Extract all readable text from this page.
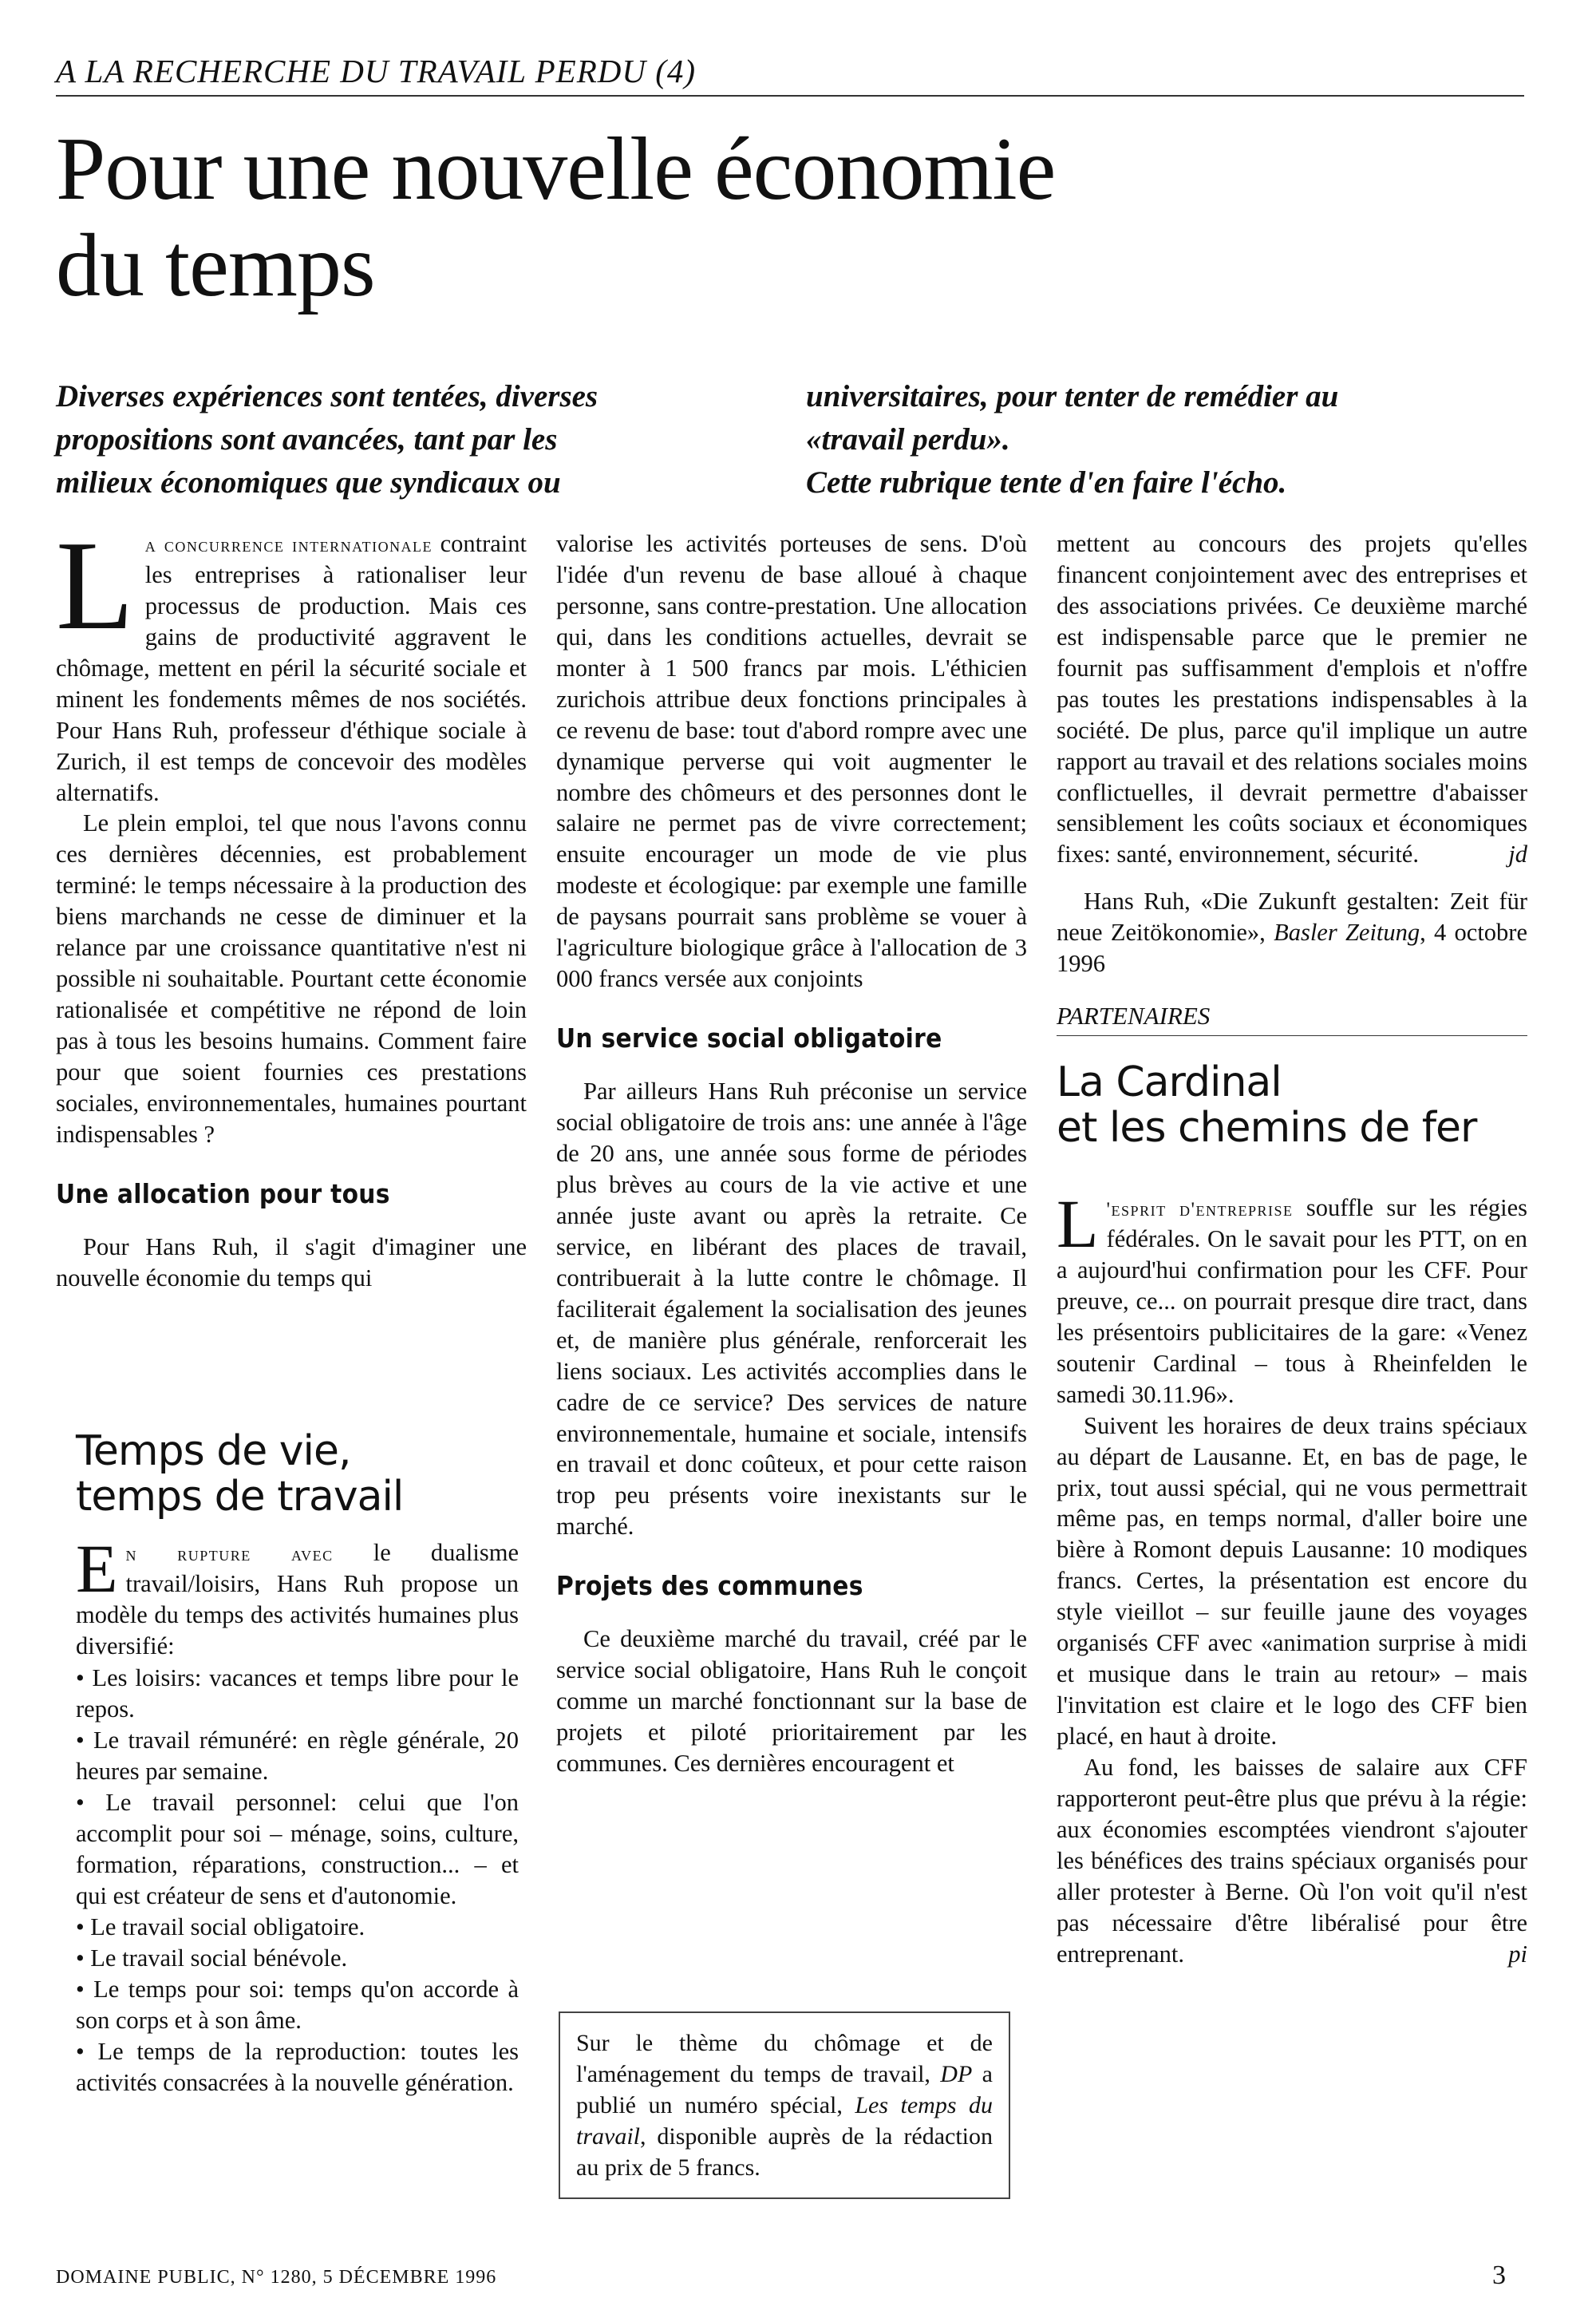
A LA RECHERCHE DU TRAVAIL PERDU (4)
Pour une nouvelle économie
du temps
Diverses expériences sont tentées, diverses
propositions sont avancées, tant par les
milieux économiques que syndicaux ou
universitaires, pour tenter de remédier au
«travail perdu».
Cette rubrique tente d'en faire l'écho.

La concurrence internationale contraint les entreprises à rationaliser leur processus de production. Mais ces gains de productivité aggravent le chômage, mettent en péril la sécurité sociale et minent les fondements mêmes de nos sociétés. Pour Hans Ruh, professeur d'éthique sociale à Zurich, il est temps de concevoir des modèles alternatifs.

Le plein emploi, tel que nous l'avons connu ces dernières décennies, est probablement terminé: le temps nécessaire à la production des biens marchands ne cesse de diminuer et la relance par une croissance quantitative n'est ni possible ni souhaitable. Pourtant cette économie rationalisée et compétitive ne répond de loin pas à tous les besoins humains. Comment faire pour que soient fournies ces prestations sociales, environnementales, humaines pourtant indispensables ?

Une allocation pour tous

Pour Hans Ruh, il s'agit d'imaginer une nouvelle économie du temps qui

Temps de vie,
temps de travail
En rupture avec le dualisme travail/loisirs, Hans Ruh propose un modèle du temps des activités humaines plus diversifié:
• Les loisirs: vacances et temps libre pour le repos.
• Le travail rémunéré: en règle générale, 20 heures par semaine.
• Le travail personnel: celui que l'on accomplit pour soi – ménage, soins, culture, formation, réparations, construction... – et qui est créateur de sens et d'autonomie.
• Le travail social obligatoire.
• Le travail social bénévole.
• Le temps pour soi: temps qu'on accorde à son corps et à son âme.
• Le temps de la reproduction: toutes les activités consacrées à la nouvelle génération.

valorise les activités porteuses de sens. D'où l'idée d'un revenu de base alloué à chaque personne, sans contre-prestation. Une allocation qui, dans les conditions actuelles, devrait se monter à 1 500 francs par mois. L'éthicien zurichois attribue deux fonctions principales à ce revenu de base: tout d'abord rompre avec une dynamique perverse qui voit augmenter le nombre des chômeurs et des personnes dont le salaire ne permet pas de vivre correctement; ensuite encourager un mode de vie plus modeste et écologique: par exemple une famille de paysans pourrait sans problème se vouer à l'agriculture biologique grâce à l'allocation de 3 000 francs versée aux conjoints

Un service social obligatoire

Par ailleurs Hans Ruh préconise un service social obligatoire de trois ans: une année à l'âge de 20 ans, une année sous forme de périodes plus brèves au cours de la vie active et une année juste avant ou après la retraite. Ce service, en libérant des places de travail, contribuerait à la lutte contre le chômage. Il faciliterait également la socialisation des jeunes et, de manière plus générale, renforcerait les liens sociaux. Les activités accomplies dans le cadre de ce service? Des services de nature environnementale, humaine et sociale, intensifs en travail et donc coûteux, et pour cette raison trop peu présents voire inexistants sur le marché.

Projets des communes

Ce deuxième marché du travail, créé par le service social obligatoire, Hans Ruh le conçoit comme un marché fonctionnant sur la base de projets et piloté prioritairement par les communes. Ces dernières encouragent et

Sur le thème du chômage et de l'aménagement du temps de travail, DP a publié un numéro spécial, Les temps du travail, disponible auprès de la rédaction au prix de 5 francs.

mettent au concours des projets qu'elles financent conjointement avec des entreprises et des associations privées. Ce deuxième marché est indispensable parce que le premier ne fournit pas suffisamment d'emplois et n'offre pas toutes les prestations indispensables à la société. De plus, parce qu'il implique un autre rapport au travail et des relations sociales moins conflictuelles, il devrait permettre d'abaisser sensiblement les coûts sociaux et économiques fixes: santé, environnement, sécurité.	jd

Hans Ruh, «Die Zukunft gestalten: Zeit für neue Zeitökonomie», Basler Zeitung, 4 octobre 1996

PARTENAIRES
La Cardinal
et les chemins de fer

L 'esprit d'entreprise souffle sur les régies fédérales. On le savait pour les PTT, on en a aujourd'hui confirmation pour les CFF. Pour preuve, ce... on pourrait presque dire tract, dans les présentoirs publicitaires de la gare: «Venez soutenir Cardinal – tous à Rheinfelden le samedi 30.11.96».

Suivent les horaires de deux trains spéciaux au départ de Lausanne. Et, en bas de page, le prix, tout aussi spécial, qui ne vous permettrait même pas, en temps normal, d'aller boire une bière à Romont depuis Lausanne: 10 modiques francs. Certes, la présentation est encore du style vieillot – sur feuille jaune des voyages organisés CFF avec «animation surprise à midi et musique dans le train au retour» – mais l'invitation est claire et le logo des CFF bien placé, en haut à droite.

Au fond, les baisses de salaire aux CFF rapporteront peut-être plus que prévu à la régie: aux économies escomptées viendront s'ajouter les bénéfices des trains spéciaux organisés pour aller protester à Berne. Où l'on voit qu'il n'est pas nécessaire d'être libéralisé pour être entreprenant.	pi

DOMAINE PUBLIC, N° 1280, 5 DÉCEMBRE 1996	3
